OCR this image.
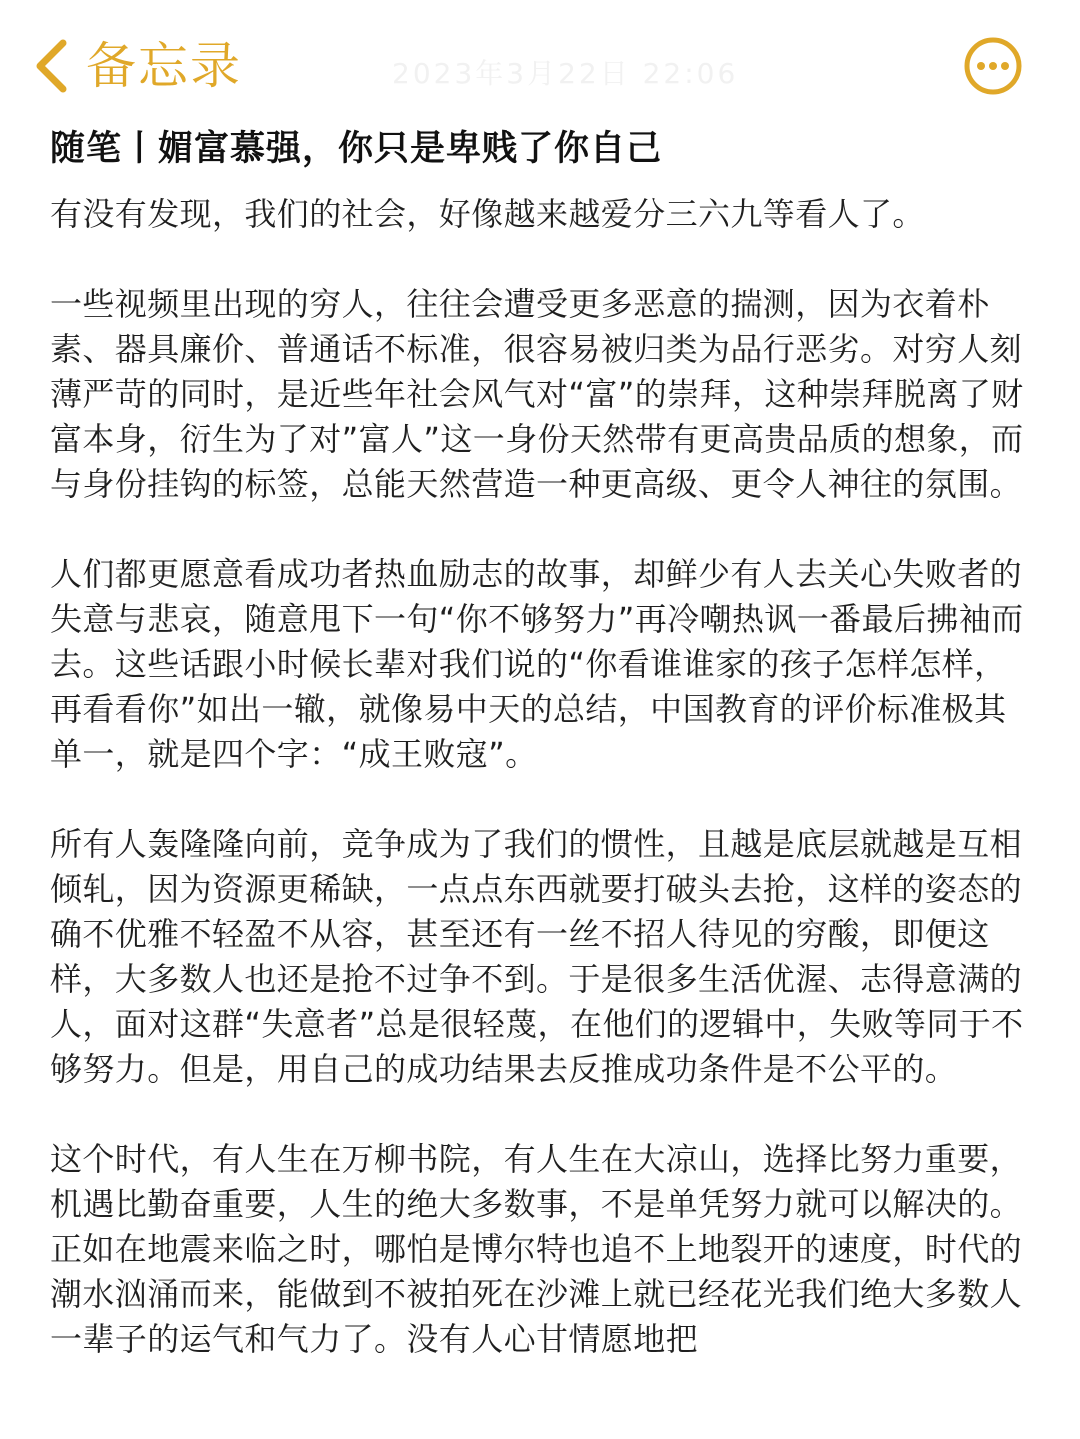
备忘录	2023年3月22日 22:06
随笔丨媚富慕强，你只是卑贱了你自己

有没有发现，我们的社会，好像越来越爱分三六九等看人了。

一些视频里出现的穷人，往往会遭受更多恶意的揣测，因为衣着朴素、器具廉价、普通话不标准，很容易被归类为品行恶劣。对穷人刻薄严苛的同时，是近些年社会风气对“富”的崇拜，这种崇拜脱离了财富本身，衍生为了对”富人”这一身份天然带有更高贵品质的想象，而与身份挂钩的标签，总能天然营造一种更高级、更令人神往的氛围。

人们都更愿意看成功者热血励志的故事，却鲜少有人去关心失败者的失意与悲哀，随意甩下一句“你不够努力”再冷嘲热讽一番最后拂袖而去。这些话跟小时候长辈对我们说的“你看谁谁家的孩子怎样怎样，再看看你”如出一辙，就像易中天的总结，中国教育的评价标准极其单一，就是四个字：“成王败寇”。

所有人轰隆隆向前，竞争成为了我们的惯性，且越是底层就越是互相倾轧，因为资源更稀缺，一点点东西就要打破头去抢，这样的姿态的确不优雅不轻盈不从容，甚至还有一丝不招人待见的穷酸，即便这样，大多数人也还是抢不过争不到。于是很多生活优渥、志得意满的人，面对这群“失意者”总是很轻蔑，在他们的逻辑中，失败等同于不够努力。但是，用自己的成功结果去反推成功条件是不公平的。

这个时代，有人生在万柳书院，有人生在大凉山，选择比努力重要，机遇比勤奋重要，人生的绝大多数事，不是单凭努力就可以解决的。正如在地震来临之时，哪怕是博尔特也追不上地裂开的速度，时代的潮水汹涌而来，能做到不被拍死在沙滩上就已经花光我们绝大多数人一辈子的运气和气力了。没有人心甘情愿地把
